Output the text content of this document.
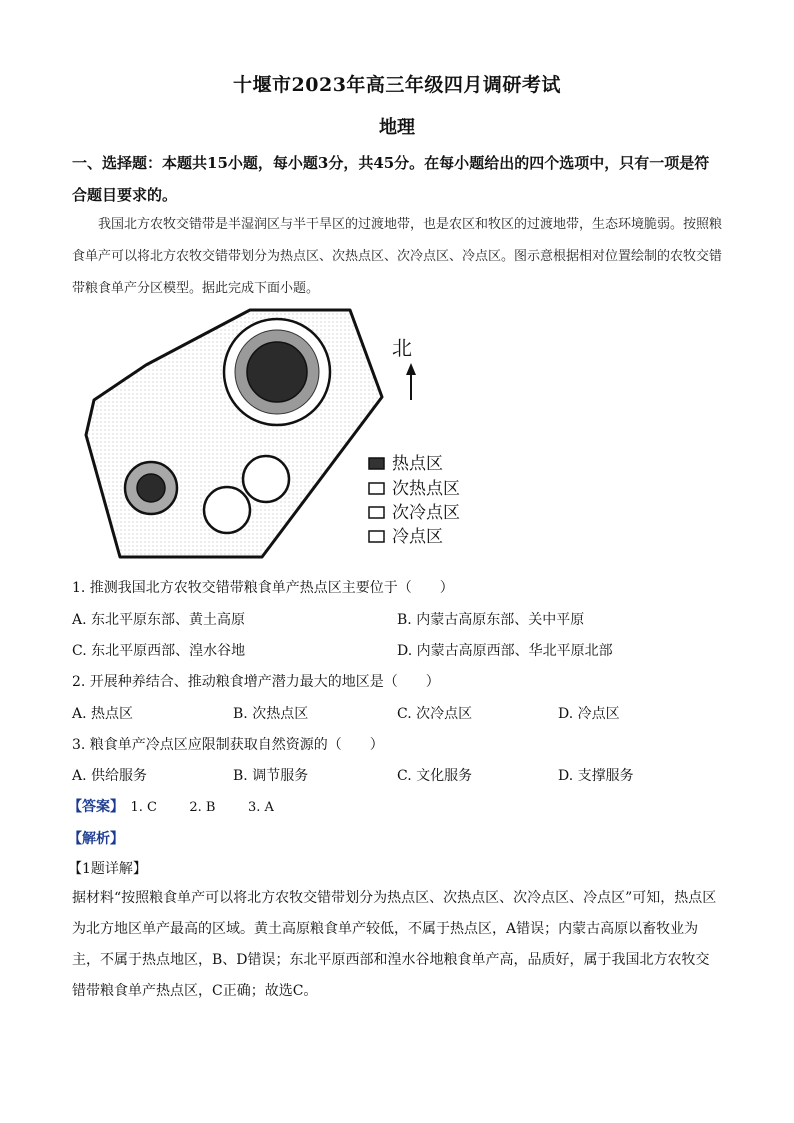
十堰市2023年高三年级四月调研考试
地理
一、选择题：本题共15小题，每小题3分，共45分。在每小题给出的四个选项中，只有一项是符合题目要求的。
我国北方农牧交错带是半湿润区与半干旱区的过渡地带，也是农区和牧区的过渡地带，生态环境脆弱。按照粮食单产可以将北方农牧交错带划分为热点区、次热点区、次冷点区、冷点区。图示意根据相对位置绘制的农牧交错带粮食单产分区模型。据此完成下面小题。
北
热点区
次热点区
次冷点区
冷点区
1. 推测我国北方农牧交错带粮食单产热点区主要位于（　　）
A. 东北平原东部、黄土高原	B. 内蒙古高原东部、关中平原
C. 东北平原西部、湟水谷地	D. 内蒙古高原西部、华北平原北部
2. 开展种养结合、推动粮食增产潜力最大的地区是（　　）
A. 热点区	B. 次热点区	C. 次冷点区	D. 冷点区
3. 粮食单产冷点区应限制获取自然资源的（　　）
A. 供给服务	B. 调节服务	C. 文化服务	D. 支撑服务
【答案】 1. C 2. B 3. A
【解析】
【1题详解】
据材料“按照粮食单产可以将北方农牧交错带划分为热点区、次热点区、次冷点区、冷点区”可知，热点区为北方地区单产最高的区域。黄土高原粮食单产较低，不属于热点区，A错误；内蒙古高原以畜牧业为主，不属于热点地区，B、D错误；东北平原西部和湟水谷地粮食单产高，品质好，属于我国北方农牧交错带粮食单产热点区，C正确；故选C。
